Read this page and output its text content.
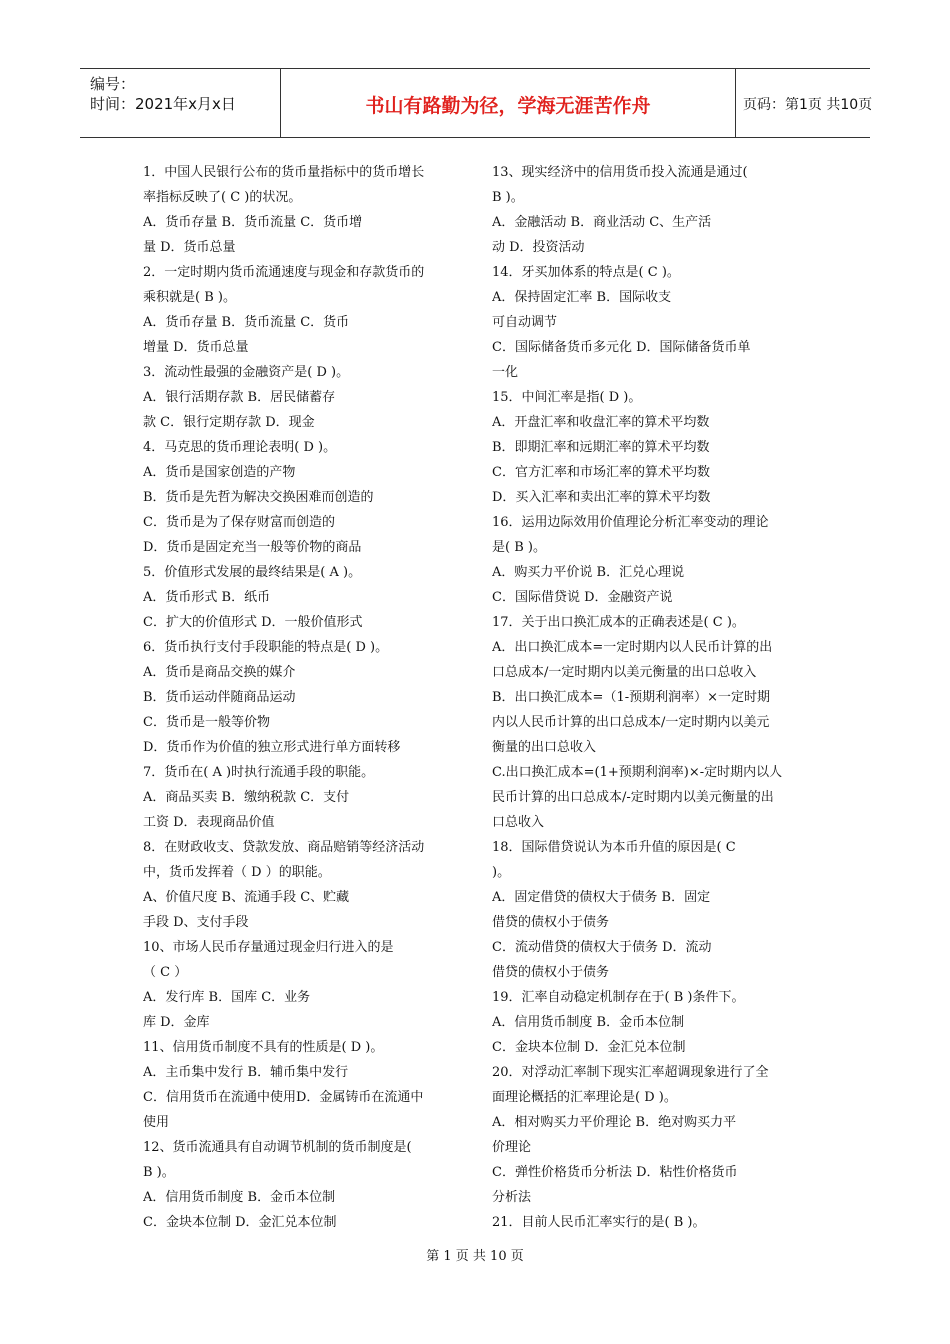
编号：
时间：2021年x月x日	书山有路勤为径，学海无涯苦作舟	页码：第1页 共10页
1．中国人民银行公布的货币量指标中的货币增长
率指标反映了( C )的状况。
A．货币存量 B．货币流量 C．货币增
量 D．货币总量
2．一定时期内货币流通速度与现金和存款货币的
乘积就是( B )。
A．货币存量 B．货币流量 C．货币
增量 D．货币总量
3．流动性最强的金融资产是( D )。
A．银行活期存款 B．居民储蓄存
款 C．银行定期存款 D．现金
4．马克思的货币理论表明( D )。
A．货币是国家创造的产物
B．货币是先哲为解决交换困难而创造的
C．货币是为了保存财富而创造的
D．货币是固定充当一般等价物的商品
5．价值形式发展的最终结果是( A )。
A．货币形式 B．纸币
C．扩大的价值形式 D．一般价值形式
6．货币执行支付手段职能的特点是( D )。
A．货币是商品交换的媒介
B．货币运动伴随商品运动
C．货币是一般等价物
D．货币作为价值的独立形式进行单方面转移
7．货币在( A )时执行流通手段的职能。
A．商品买卖 B．缴纳税款 C．支付
工资 D．表现商品价值
8．在财政收支、贷款发放、商品赔销等经济活动
中，货币发挥着（ D ）的职能。
A、价值尺度 B、流通手段 C、贮藏
手段 D、支付手段
10、市场人民币存量通过现金归行进入的是
（ C ）
A．发行库 B．国库 C．业务
库 D．金库
11、信用货币制度不具有的性质是( D )。
A．主币集中发行 B．辅币集中发行
C．信用货币在流通中使用D．金属铸币在流通中
使用
12、货币流通具有自动调节机制的货币制度是(
B )。
A．信用货币制度 B．金币本位制
C．金块本位制 D．金汇兑本位制
13、现实经济中的信用货币投入流通是通过(
B )。
A．金融活动 B．商业活动 C、生产活
动 D．投资活动
14．牙买加体系的特点是( C )。
A．保持固定汇率 B．国际收支
可自动调节
C．国际储备货币多元化 D．国际储备货币单
一化
15．中间汇率是指( D )。
A．开盘汇率和收盘汇率的算术平均数
B．即期汇率和远期汇率的算术平均数
C．官方汇率和市场汇率的算术平均数
D．买入汇率和卖出汇率的算术平均数
16．运用边际效用价值理论分析汇率变动的理论
是( B )。
A．购买力平价说 B．汇兑心理说
C．国际借贷说 D．金融资产说
17．关于出口换汇成本的正确表述是( C )。
A．出口换汇成本=一定时期内以人民币计算的出
口总成本/一定时期内以美元衡量的出口总收入
B．出口换汇成本=（1-预期利润率）×一定时期
内以人民币计算的出口总成本/一定时期内以美元
衡量的出口总收入
C.出口换汇成本=(1+预期利润率)×-定时期内以人
民币计算的出口总成本/-定时期内以美元衡量的出
口总收入
18．国际借贷说认为本币升值的原因是( C
)。
A．固定借贷的债权大于债务 B．固定
借贷的债权小于债务
C．流动借贷的债权大于债务 D．流动
借贷的债权小于债务
19．汇率自动稳定机制存在于( B )条件下。
A．信用货币制度 B．金币本位制
C．金块本位制 D．金汇兑本位制
20．对浮动汇率制下现实汇率超调现象进行了全
面理论概括的汇率理论是( D )。
A．相对购买力平价理论 B．绝对购买力平
价理论
C．弹性价格货币分析法 D．粘性价格货币
分析法
21．目前人民币汇率实行的是( B )。
第 1 页 共 10 页
